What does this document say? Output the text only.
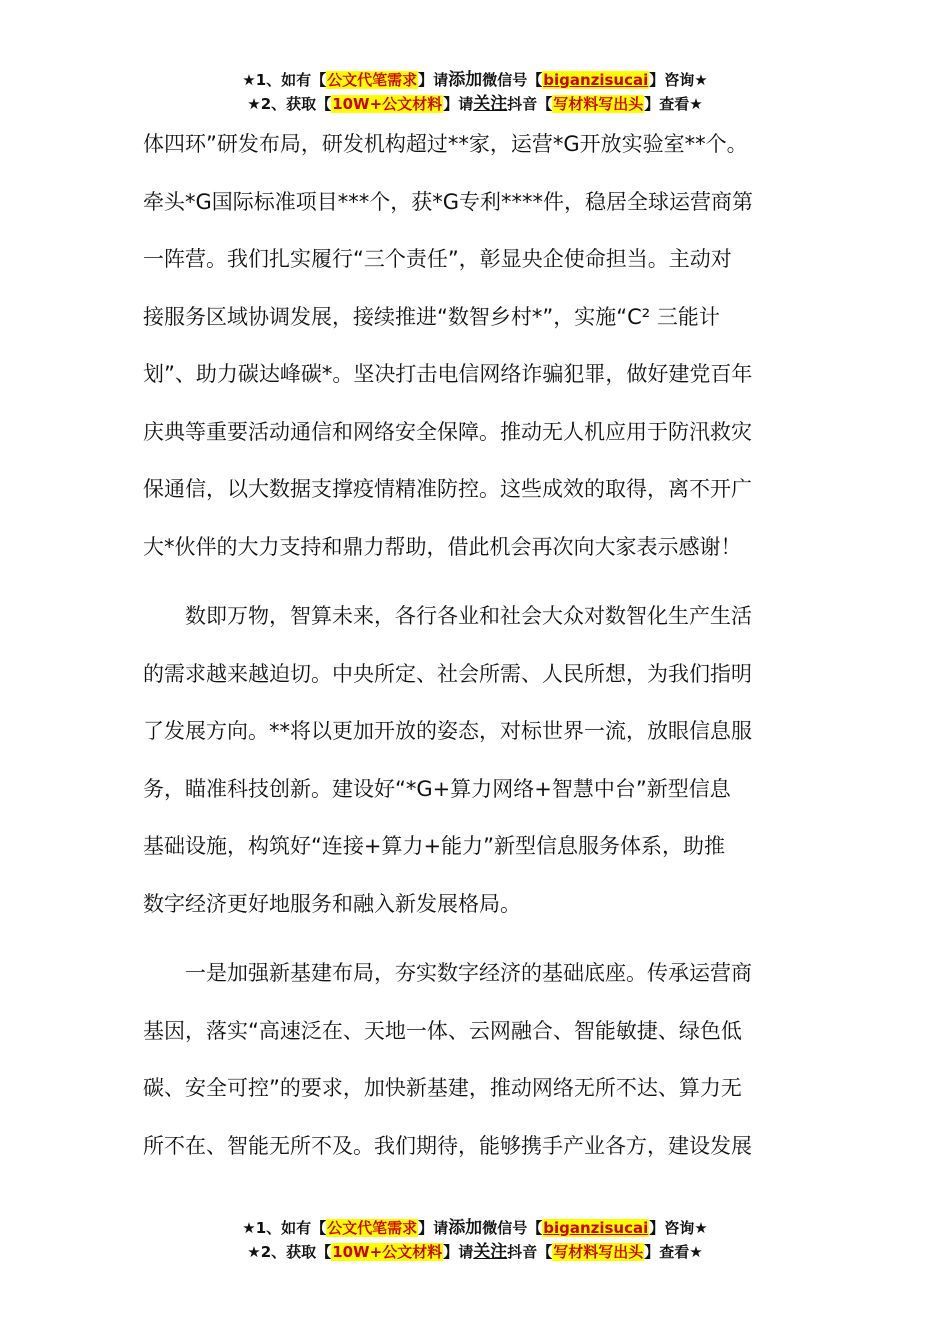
★1、如有【公文代笔需求】请添加微信号【biganzisucai】咨询★
★2、获取【10W+公文材料】请关注抖音【写材料写出头】查看★

体四环”研发布局，研发机构超过**家，运营*G开放实验室**个。
牵头*G国际标准项目***个，获*G专利****件，稳居全球运营商第
一阵营。我们扎实履行“三个责任”，彰显央企使命担当。主动对
接服务区域协调发展，接续推进“数智乡村*”，实施“C² 三能计
划”、助力碳达峰碳*。坚决打击电信网络诈骗犯罪，做好建党百年
庆典等重要活动通信和网络安全保障。推动无人机应用于防汛救灾
保通信，以大数据支撑疫情精准防控。这些成效的取得，离不开广
大*伙伴的大力支持和鼎力帮助，借此机会再次向大家表示感谢！

数即万物，智算未来，各行各业和社会大众对数智化生产生活
的需求越来越迫切。中央所定、社会所需、人民所想，为我们指明
了发展方向。**将以更加开放的姿态，对标世界一流，放眼信息服
务，瞄准科技创新。建设好“*G+算力网络+智慧中台”新型信息
基础设施，构筑好“连接+算力+能力”新型信息服务体系，助推
数字经济更好地服务和融入新发展格局。

一是加强新基建布局，夯实数字经济的基础底座。传承运营商
基因，落实“高速泛在、天地一体、云网融合、智能敏捷、绿色低
碳、安全可控”的要求，加快新基建，推动网络无所不达、算力无
所不在、智能无所不及。我们期待，能够携手产业各方，建设发展

★1、如有【公文代笔需求】请添加微信号【biganzisucai】咨询★
★2、获取【10W+公文材料】请关注抖音【写材料写出头】查看★
